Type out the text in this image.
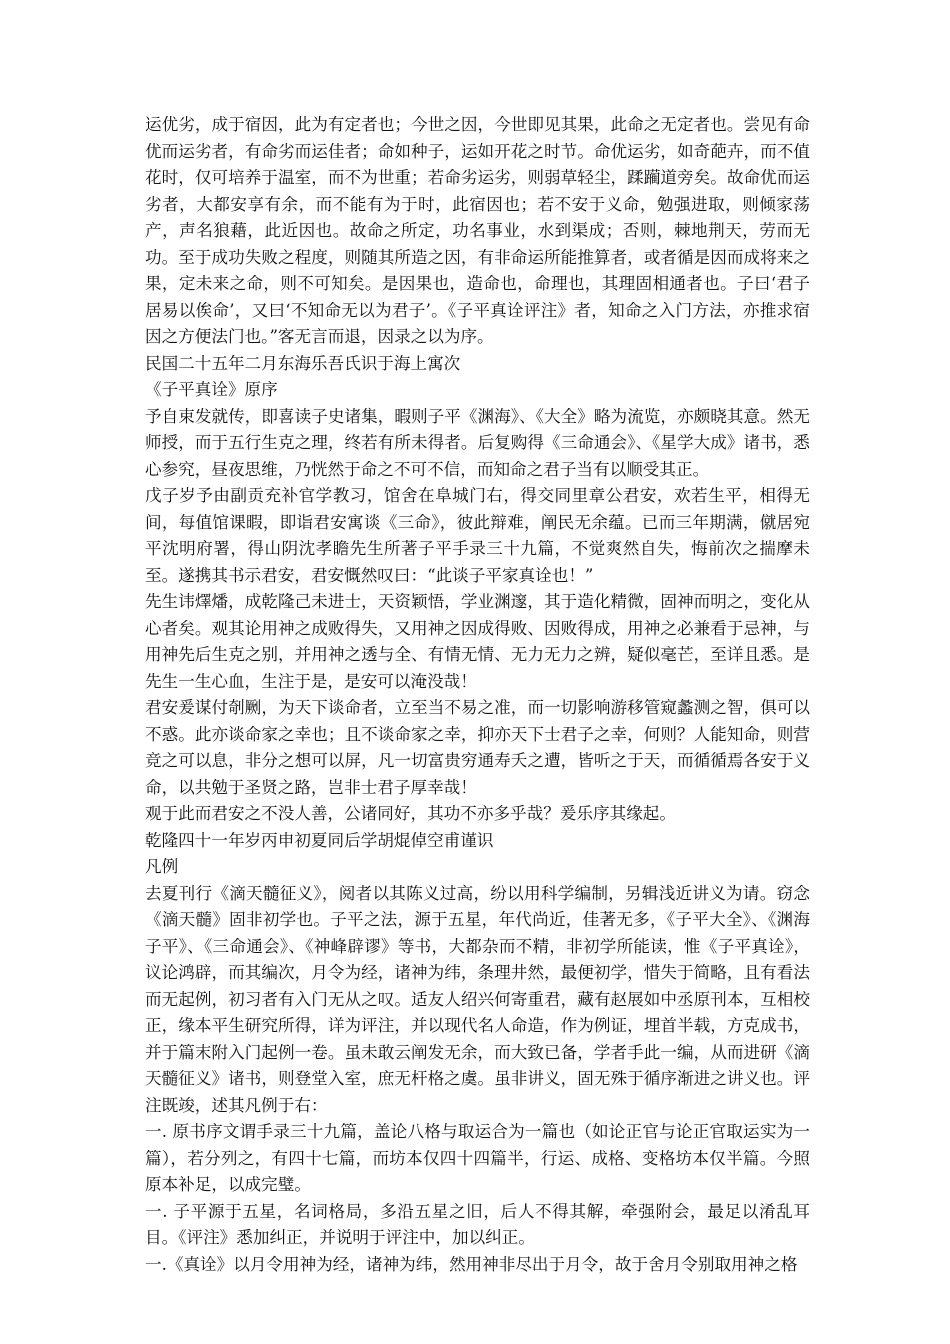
运优劣，成于宿因，此为有定者也；今世之因，今世即见其果，此命之无定者也。尝见有命优而运劣者，有命劣而运佳者；命如种子，运如开花之时节。命优运劣，如奇葩卉，而不值花时，仅可培养于温室，而不为世重；若命劣运劣，则弱草轻尘，蹂躏道旁矣。故命优而运劣者，大都安享有余，而不能有为于时，此宿因也；若不安于义命，勉强进取，则倾家荡产，声名狼藉，此近因也。故命之所定，功名事业，水到渠成；否则，棘地荆天，劳而无功。至于成功失败之程度，则随其所造之因，有非命运所能推算者，或者循是因而成将来之果，定未来之命，则不可知矣。是因果也，造命也，命理也，其理固相通者也。子曰‘君子居易以俟命’，又曰‘不知命无以为君子’。《子平真诠评注》者，知命之入门方法，亦推求宿因之方便法门也。”客无言而退，因录之以为序。

民国二十五年二月东海乐吾氏识于海上寓次

《子平真诠》原序

予自束发就传，即喜读子史诸集，暇则子平《渊海》、《大全》略为流览，亦颇晓其意。然无师授，而于五行生克之理，终若有所未得者。后复购得《三命通会》、《星学大成》诸书，悉心参究，昼夜思维，乃恍然于命之不可不信，而知命之君子当有以顺受其正。

戊子岁予由副贡充补官学教习，馆舍在阜城门右，得交同里章公君安，欢若生平，相得无间，每值馆课暇，即诣君安寓谈《三命》，彼此辩难，阐民无余蕴。已而三年期满，僦居宛平沈明府署，得山阴沈孝瞻先生所著子平手录三十九篇，不觉爽然自失，悔前次之揣摩未至。遂携其书示君安，君安慨然叹曰：“此谈子平家真诠也！”

先生讳燡燔，成乾隆己未进士，天资颖悟，学业渊邃，其于造化精微，固神而明之，变化从心者矣。观其论用神之成败得失，又用神之因成得败、因败得成，用神之必兼看于忌神，与用神先后生克之别，并用神之透与全、有情无情、无力无力之辨，疑似毫芒，至详且悉。是先生一生心血，生注于是，是安可以淹没哉！

君安爰谋付剞劂，为天下谈命者，立至当不易之准，而一切影响游移管窥蠡测之智，俱可以不惑。此亦谈命家之幸也；且不谈命家之幸，抑亦天下士君子之幸，何则？人能知命，则营竞之可以息，非分之想可以屏，凡一切富贵穷通寿夭之遭，皆听之于天，而循循焉各安于义命，以共勉于圣贤之路，岂非士君子厚幸哉！

观于此而君安之不没人善，公诸同好，其功不亦多乎哉？爰乐序其缘起。

乾隆四十一年岁丙申初夏同后学胡焜倬空甫谨识

凡例

去夏刊行《滴天髓征义》，阅者以其陈义过高，纷以用科学编制，另辑浅近讲义为请。窃念《滴天髓》固非初学也。子平之法，源于五星，年代尚近，佳著无多，《子平大全》、《渊海子平》、《三命通会》、《神峰辟谬》等书，大都杂而不精，非初学所能读，惟《子平真诠》，议论鸿辟，而其编次，月令为经，诸神为纬，条理井然，最便初学，惜失于简略，且有看法而无起例，初习者有入门无从之叹。适友人绍兴何寄重君，藏有赵展如中丞原刊本，互相校正，缘本平生研究所得，详为评注，并以现代名人命造，作为例证，埋首半载，方克成书，并于篇末附入门起例一卷。虽未敢云阐发无余，而大致已备，学者手此一编，从而进研《滴天髓征义》诸书，则登堂入室，庶无杆格之虞。虽非讲义，固无殊于循序渐进之讲义也。评注既竣，述其凡例于右：

一. 原书序文谓手录三十九篇，盖论八格与取运合为一篇也（如论正官与论正官取运实为一篇），若分列之，有四十七篇，而坊本仅四十四篇半，行运、成格、变格坊本仅半篇。今照原本补足，以成完璧。

一. 子平源于五星，名词格局，多沿五星之旧，后人不得其解，牵强附会，最足以淆乱耳目。《评注》悉加纠正，并说明于评注中，加以纠正。

一.《真诠》以月令用神为经，诸神为纬，然用神非尽出于月令，故于舍月令别取用神之格
